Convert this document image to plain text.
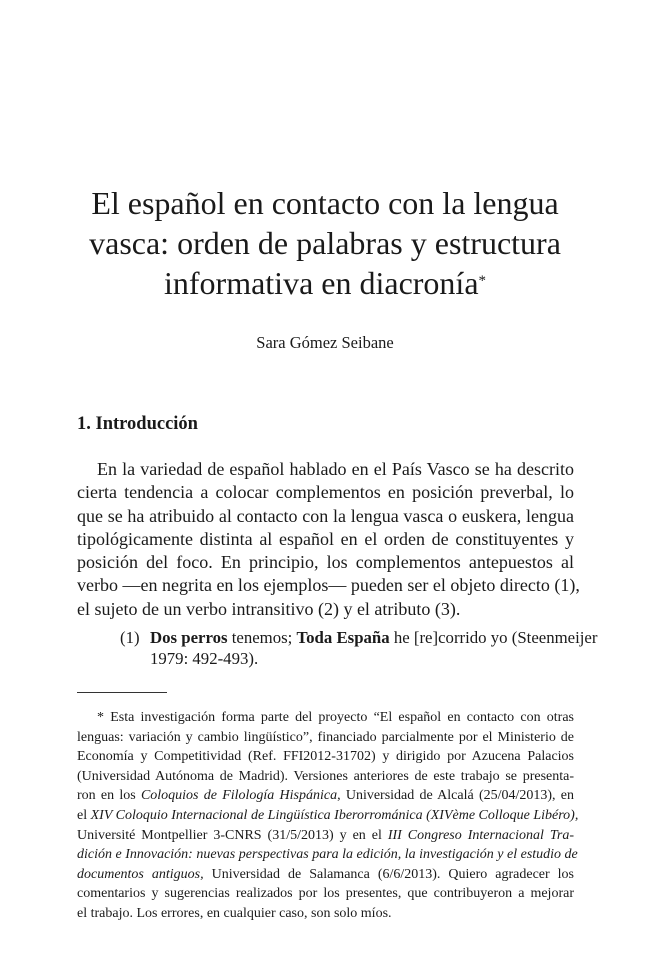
El español en contacto con la lengua
vasca: orden de palabras y estructura
informativa en diacronía*
Sara Gómez Seibane
1. Introducción
En la variedad de español hablado en el País Vasco se ha descrito
cierta tendencia a colocar complementos en posición preverbal, lo
que se ha atribuido al contacto con la lengua vasca o euskera, lengua
tipológicamente distinta al español en el orden de constituyentes y
posición del foco. En principio, los complementos antepuestos al
verbo —en negrita en los ejemplos— pueden ser el objeto directo (1),
el sujeto de un verbo intransitivo (2) y el atributo (3).
(1) Dos perros tenemos; Toda España he [re]corrido yo (Steenmeijer
1979: 492-493).
* Esta investigación forma parte del proyecto “El español en contacto con otras
lenguas: variación y cambio lingüístico”, financiado parcialmente por el Ministerio de
Economía y Competitividad (Ref. FFI2012-31702) y dirigido por Azucena Palacios
(Universidad Autónoma de Madrid). Versiones anteriores de este trabajo se presenta-
ron en los Coloquios de Filología Hispánica, Universidad de Alcalá (25/04/2013), en
el XIV Coloquio Internacional de Lingüística Iberorrománica (XIVème Colloque Libéro),
Université Montpellier 3-CNRS (31/5/2013) y en el III Congreso Internacional Tra-
dición e Innovación: nuevas perspectivas para la edición, la investigación y el estudio de
documentos antiguos, Universidad de Salamanca (6/6/2013). Quiero agradecer los
comentarios y sugerencias realizados por los presentes, que contribuyeron a mejorar
el trabajo. Los errores, en cualquier caso, son solo míos.
